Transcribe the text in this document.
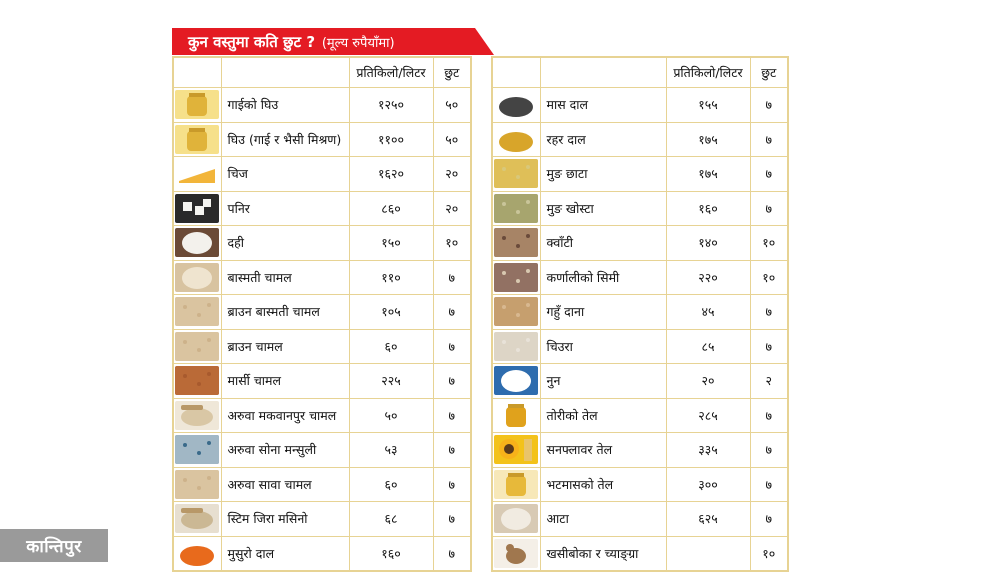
कुन वस्तुमा कति छुट ? (मूल्य रुपैयाँमा)
		प्रतिकिलो/लिटर	छुट

	गाईको घिउ	१२५०	५०

	घिउ (गाई र भैसी मिश्रण)	११००	५०

	चिज	१६२०	२०

	पनिर	८६०	२०

	दही	१५०	१०

	बास्मती चामल	११०	७

	ब्राउन बास्मती चामल	१०५	७

	ब्राउन चामल	६०	७

	मार्सी चामल	२२५	७

	अरुवा मकवानपुर चामल	५०	७

	अरुवा सोना मन्सुली	५३	७

	अरुवा सावा चामल	६०	७

	स्टिम जिरा मसिनो	६८	७

	मुसुरो दाल	१६०	७
		प्रतिकिलो/लिटर	छुट

	मास दाल	१५५	७

	रहर दाल	१७५	७

	मुङ छाटा	१७५	७

	मुङ खोस्टा	१६०	७

	क्वाँटी	१४०	१०

	कर्णालीको सिमी	२२०	१०

	गहुँ दाना	४५	७

	चिउरा	८५	७

	नुन	२०	२

	तोरीको तेल	२८५	७

	सनफ्लावर तेल	३३५	७

	भटमासको तेल	३००	७

	आटा	६२५	७

	खसीबोका र च्याङ्ग्रा		१०
कान्तिपुर
